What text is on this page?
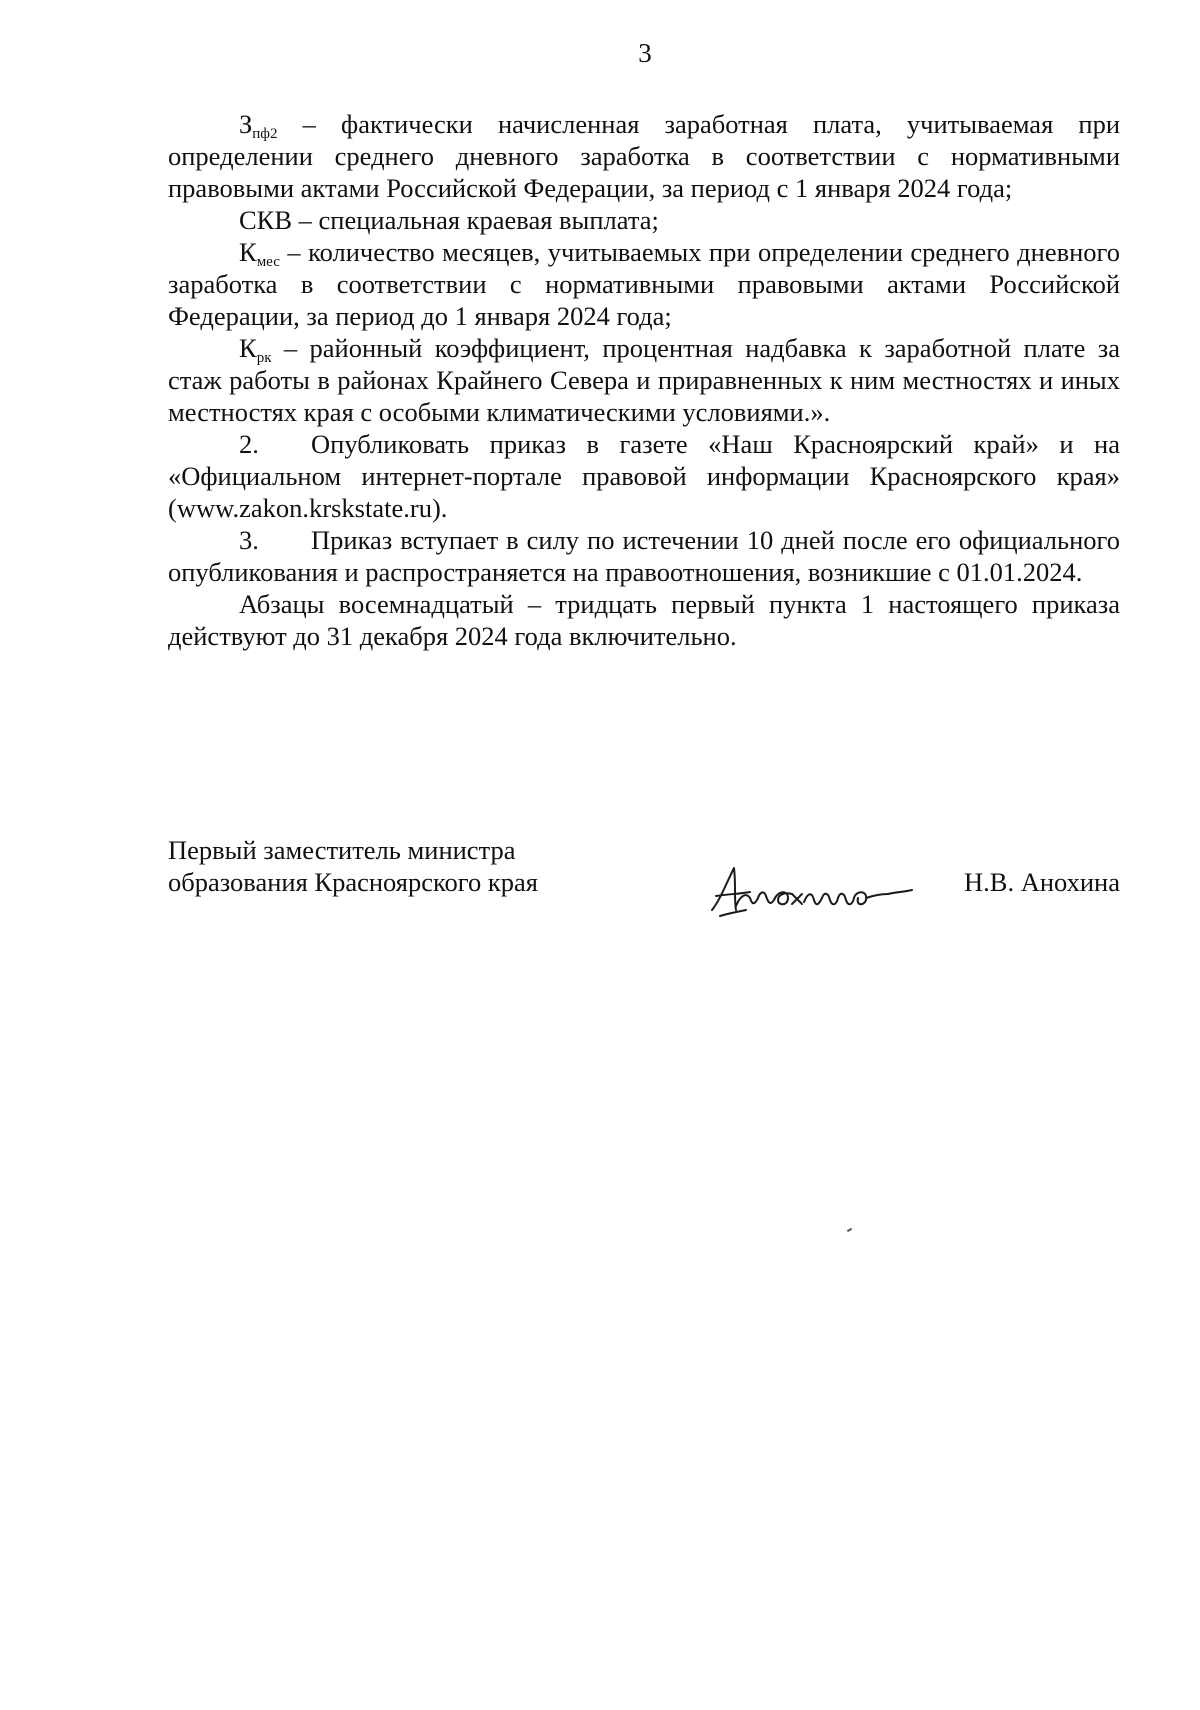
3

$З_{пф2}$ – фактически начисленная заработная плата, учитываемая при определении среднего дневного заработка в соответствии с нормативными правовыми актами Российской Федерации, за период с 1 января 2024 года;

СКВ – специальная краевая выплата;

$К_{мес}$ – количество месяцев, учитываемых при определении среднего дневного заработка в соответствии с нормативными правовыми актами Российской Федерации, за период до 1 января 2024 года;

$К_{рк}$ – районный коэффициент, процентная надбавка к заработной плате за стаж работы в районах Крайнего Севера и приравненных к ним местностях и иных местностях края с особыми климатическими условиями.».

2. Опубликовать приказ в газете «Наш Красноярский край» и на «Официальном интернет-портале правовой информации Красноярского края» (www.zakon.krskstate.ru).

3. Приказ вступает в силу по истечении 10 дней после его официального опубликования и распространяется на правоотношения, возникшие с 01.01.2024.

Абзацы восемнадцатый – тридцать первый пункта 1 настоящего приказа действуют до 31 декабря 2024 года включительно.

Первый заместитель министра
образования Красноярского края	Н.В. Анохина
